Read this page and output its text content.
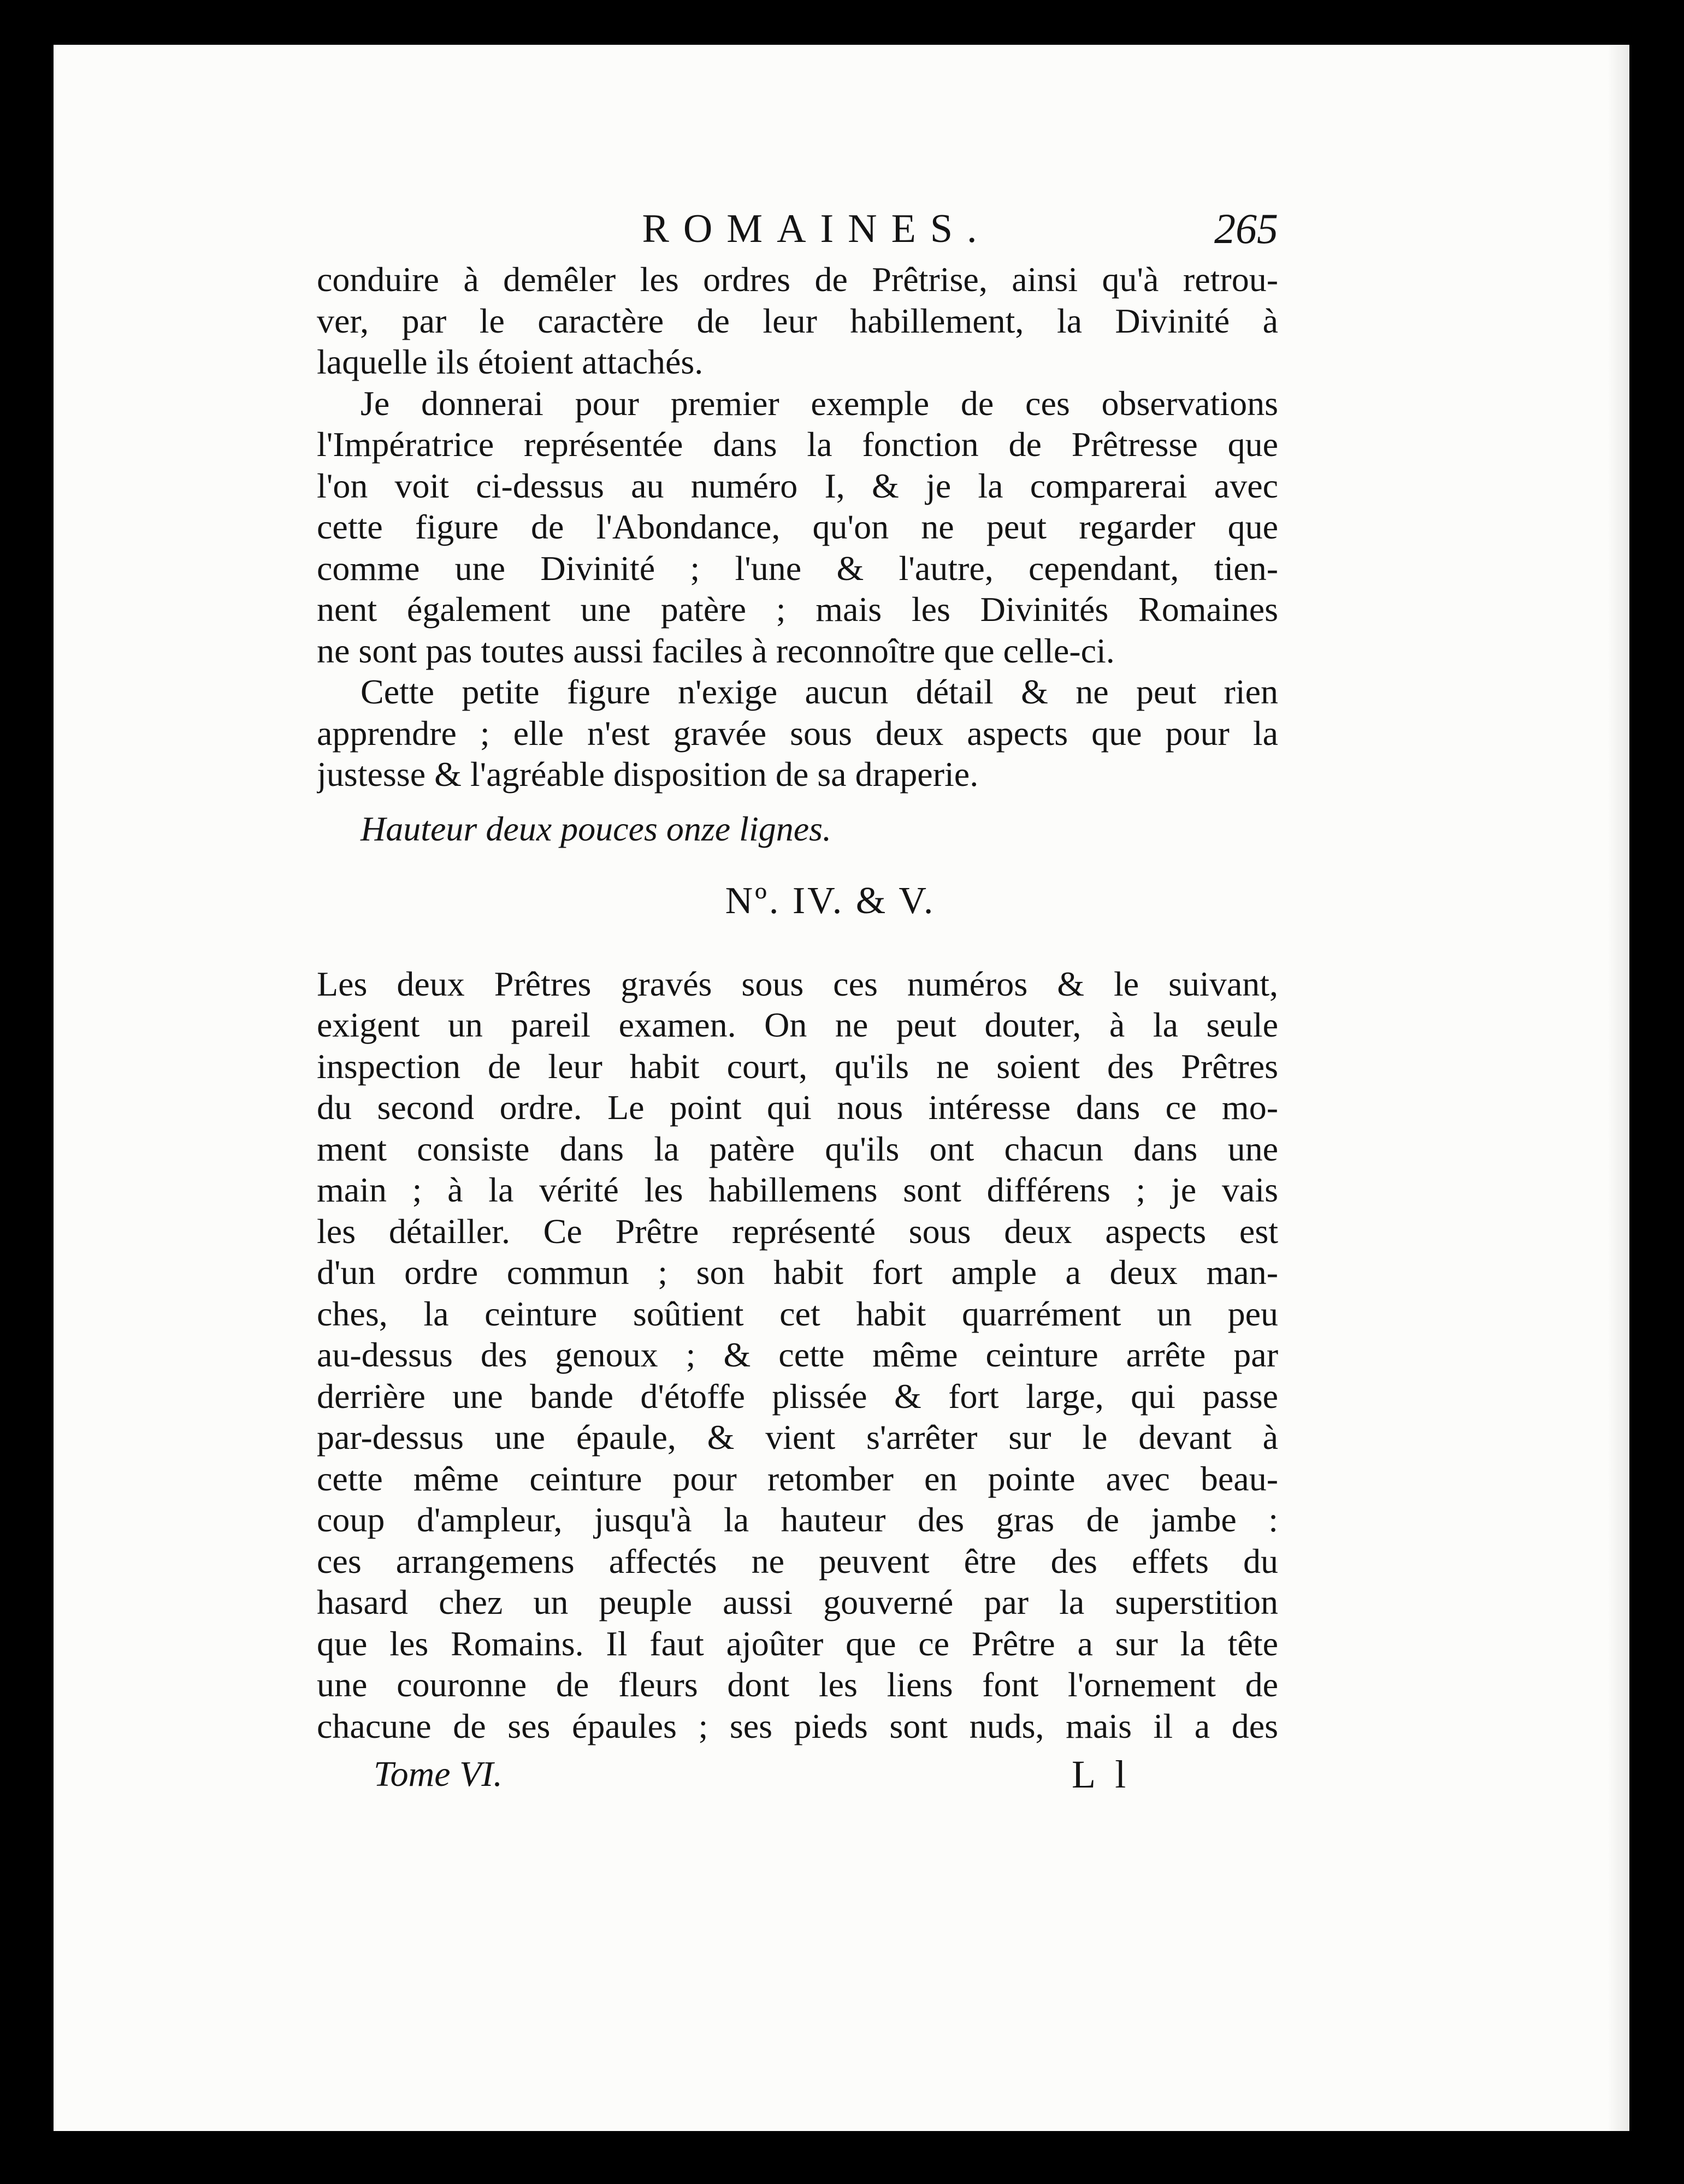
ROMAINES.	265
conduire à demêler les ordres de Prêtrise, ainsi qu'à retrou-
ver, par le caractère de leur habillement, la Divinité à
laquelle ils étoient attachés.
Je donnerai pour premier exemple de ces observations
l'Impératrice représentée dans la fonction de Prêtresse que
l'on voit ci-dessus au numéro I, & je la comparerai avec
cette figure de l'Abondance, qu'on ne peut regarder que
comme une Divinité ; l'une & l'autre, cependant, tien-
nent également une patère ; mais les Divinités Romaines
ne sont pas toutes aussi faciles à reconnoître que celle-ci.
Cette petite figure n'exige aucun détail & ne peut rien
apprendre ; elle n'est gravée sous deux aspects que pour la
justesse & l'agréable disposition de sa draperie.
Hauteur deux pouces onze lignes.
Nº. IV. & V.
Les deux Prêtres gravés sous ces numéros & le suivant,
exigent un pareil examen. On ne peut douter, à la seule
inspection de leur habit court, qu'ils ne soient des Prêtres
du second ordre. Le point qui nous intéresse dans ce mo-
ment consiste dans la patère qu'ils ont chacun dans une
main ; à la vérité les habillemens sont différens ; je vais
les détailler. Ce Prêtre représenté sous deux aspects est
d'un ordre commun ; son habit fort ample a deux man-
ches, la ceinture soûtient cet habit quarrément un peu
au-dessus des genoux ; & cette même ceinture arrête par
derrière une bande d'étoffe plissée & fort large, qui passe
par-dessus une épaule, & vient s'arrêter sur le devant à
cette même ceinture pour retomber en pointe avec beau-
coup d'ampleur, jusqu'à la hauteur des gras de jambe :
ces arrangemens affectés ne peuvent être des effets du
hasard chez un peuple aussi gouverné par la superstition
que les Romains. Il faut ajoûter que ce Prêtre a sur la tête
une couronne de fleurs dont les liens font l'ornement de
chacune de ses épaules ; ses pieds sont nuds, mais il a des
Tome VI.	L l
